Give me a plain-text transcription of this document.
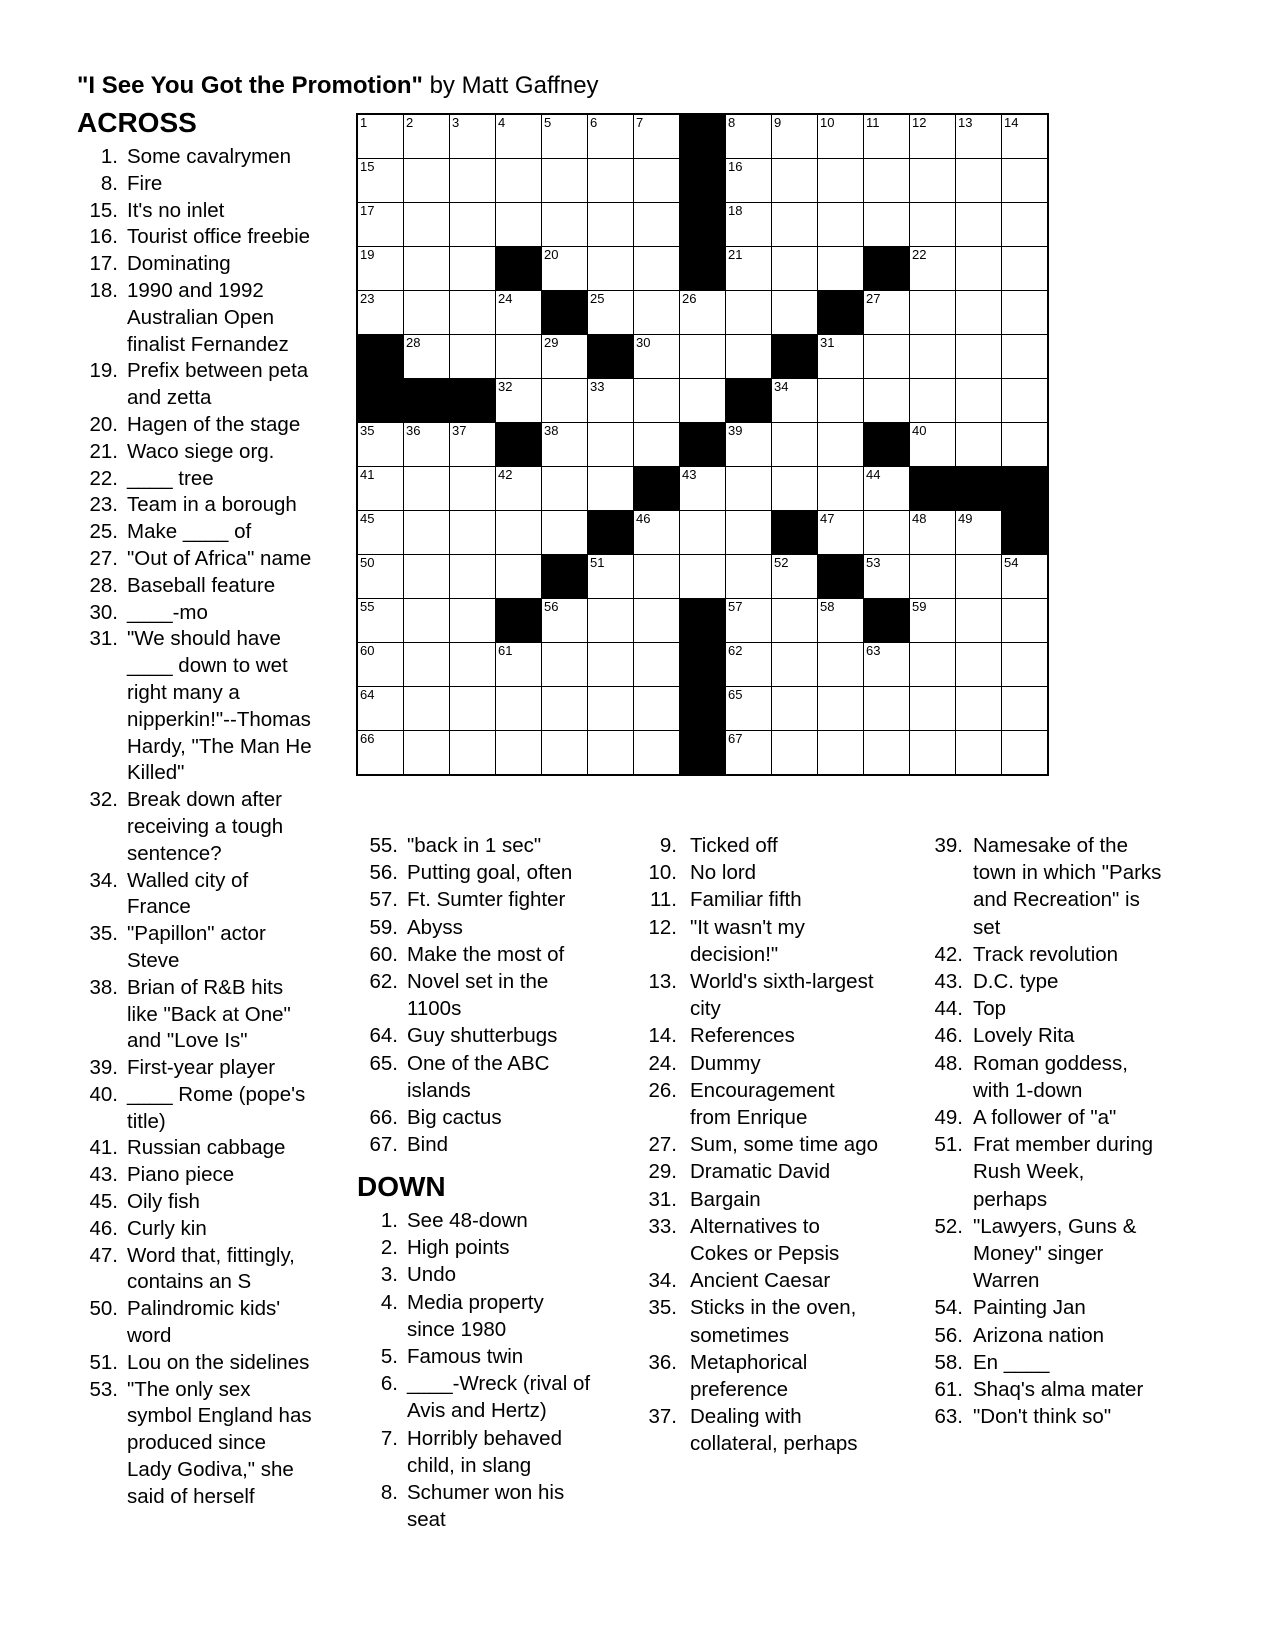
"I See You Got the Promotion" by Matt Gaffney
ACROSS
1. Some cavalrymen
8. Fire
15. It's no inlet
16. Tourist office freebie
17. Dominating
18. 1990 and 1992 Australian Open finalist Fernandez
19. Prefix between peta and zetta
20. Hagen of the stage
21. Waco siege org.
22. ____ tree
23. Team in a borough
25. Make ____ of
27. "Out of Africa" name
28. Baseball feature
30. ____-mo
31. "We should have ____ down to wet right many a nipperkin!"--Thomas Hardy, "The Man He Killed"
32. Break down after receiving a tough sentence?
34. Walled city of France
35. "Papillon" actor Steve
38. Brian of R&B hits like "Back at One" and "Love Is"
39. First-year player
40. ____ Rome (pope's title)
41. Russian cabbage
43. Piano piece
45. Oily fish
46. Curly kin
47. Word that, fittingly, contains an S
50. Palindromic kids' word
51. Lou on the sidelines
53. "The only sex symbol England has produced since Lady Godiva," she said of herself
1	2	3	4	5	6	7	8	9	10 11	12 13 14
15	16
17	18
19	20	21	22
23	24	25	26	27
28	29	30	31
32	33	34
35 36 37	38	39	40
41	42	43	44
45	46	47	48 49
50	51	52	53	54
55	56	57	58	59
60	61	62	63
64	65
66	67
55. "back in 1 sec"
56. Putting goal, often
57. Ft. Sumter fighter
59. Abyss
60. Make the most of
62. Novel set in the 1100s
64. Guy shutterbugs
65. One of the ABC islands
66. Big cactus
67. Bind
DOWN
1. See 48-down
2. High points
3. Undo
4. Media property since 1980
5. Famous twin
6. ____-Wreck (rival of Avis and Hertz)
7. Horribly behaved child, in slang
8. Schumer won his seat
9. Ticked off
10. No lord
11. Familiar fifth
12. "It wasn't my decision!"
13. World's sixth-largest city
14. References
24. Dummy
26. Encouragement from Enrique
27. Sum, some time ago
29. Dramatic David
31. Bargain
33. Alternatives to Cokes or Pepsis
34. Ancient Caesar
35. Sticks in the oven, sometimes
36. Metaphorical preference
37. Dealing with collateral, perhaps
39. Namesake of the town in which "Parks and Recreation" is set
42. Track revolution
43. D.C. type
44. Top
46. Lovely Rita
48. Roman goddess, with 1-down
49. A follower of "a"
51. Frat member during Rush Week, perhaps
52. "Lawyers, Guns & Money" singer Warren
54. Painting Jan
56. Arizona nation
58. En ____
61. Shaq's alma mater
63. "Don't think so"
